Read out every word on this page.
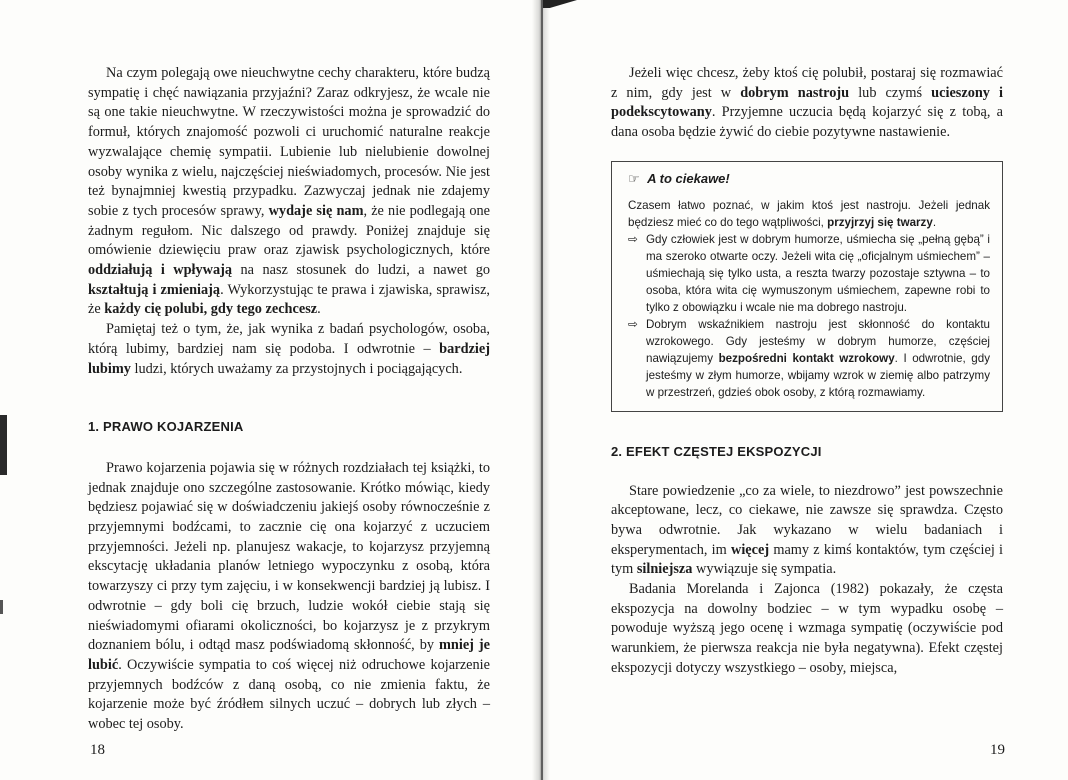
Na czym polegają owe nieuchwytne cechy charakteru, które budzą sympatię i chęć nawiązania przyjaźni? Zaraz odkryjesz, że wcale nie są one takie nieuchwytne. W rzeczywistości można je sprowadzić do formuł, których znajomość pozwoli ci uruchomić naturalne reakcje wyzwalające chemię sympatii. Lubienie lub nielubienie dowolnej osoby wynika z wielu, najczęściej nieświadomych, procesów. Nie jest też bynajmniej kwestią przypadku. Zazwyczaj jednak nie zdajemy sobie z tych procesów sprawy, wydaje się nam, że nie podlegają one żadnym regułom. Nic dalszego od prawdy. Poniżej znajduje się omówienie dziewięciu praw oraz zjawisk psychologicznych, które oddziałują i wpływają na nasz stosunek do ludzi, a nawet go kształtują i zmieniają. Wykorzystując te prawa i zjawiska, sprawisz, że każdy cię polubi, gdy tego zechcesz.

Pamiętaj też o tym, że, jak wynika z badań psychologów, osoba, którą lubimy, bardziej nam się podoba. I odwrotnie – bardziej lubimy ludzi, których uważamy za przystojnych i pociągających.

1. PRAWO KOJARZENIA

Prawo kojarzenia pojawia się w różnych rozdziałach tej książki, to jednak znajduje ono szczególne zastosowanie. Krótko mówiąc, kiedy będziesz pojawiać się w doświadczeniu jakiejś osoby równocześnie z przyjemnymi bodźcami, to zacznie cię ona kojarzyć z uczuciem przyjemności. Jeżeli np. planujesz wakacje, to kojarzysz przyjemną ekscytację układania planów letniego wypoczynku z osobą, która towarzyszy ci przy tym zajęciu, i w konsekwencji bardziej ją lubisz. I odwrotnie – gdy boli cię brzuch, ludzie wokół ciebie stają się nieświadomymi ofiarami okoliczności, bo kojarzysz je z przykrym doznaniem bólu, i odtąd masz podświadomą skłonność, by mniej je lubić. Oczywiście sympatia to coś więcej niż odruchowe kojarzenie przyjemnych bodźców z daną osobą, co nie zmienia faktu, że kojarzenie może być źródłem silnych uczuć – dobrych lub złych – wobec tej osoby.

18

Jeżeli więc chcesz, żeby ktoś cię polubił, postaraj się rozmawiać z nim, gdy jest w dobrym nastroju lub czymś ucieszony i podekscytowany. Przyjemne uczucia będą kojarzyć się z tobą, a dana osoba będzie żywić do ciebie pozytywne nastawienie.

☞ A to ciekawe!
Czasem łatwo poznać, w jakim ktoś jest nastroju. Jeżeli jednak będziesz mieć co do tego wątpliwości, przyjrzyj się twarzy.
⇨ Gdy człowiek jest w dobrym humorze, uśmiecha się „pełną gębą” i ma szeroko otwarte oczy. Jeżeli wita cię „oficjalnym uśmiechem” – uśmiechają się tylko usta, a reszta twarzy pozostaje sztywna – to osoba, która wita cię wymuszonym uśmiechem, zapewne robi to tylko z obowiązku i wcale nie ma dobrego nastroju.
⇨ Dobrym wskaźnikiem nastroju jest skłonność do kontaktu wzrokowego. Gdy jesteśmy w dobrym humorze, częściej nawiązujemy bezpośredni kontakt wzrokowy. I odwrotnie, gdy jesteśmy w złym humorze, wbijamy wzrok w ziemię albo patrzymy w przestrzeń, gdzieś obok osoby, z którą rozmawiamy.
2. EFEKT CZĘSTEJ EKSPOZYCJI

Stare powiedzenie „co za wiele, to niezdrowo” jest powszechnie akceptowane, lecz, co ciekawe, nie zawsze się sprawdza. Często bywa odwrotnie. Jak wykazano w wielu badaniach i eksperymentach, im więcej mamy z kimś kontaktów, tym częściej i tym silniejsza wywiązuje się sympatia.

Badania Morelanda i Zajonca (1982) pokazały, że częsta ekspozycja na dowolny bodziec – w tym wypadku osobę – powoduje wyższą jego ocenę i wzmaga sympatię (oczywiście pod warunkiem, że pierwsza reakcja nie była negatywna). Efekt częstej ekspozycji dotyczy wszystkiego – osoby, miejsca,

19
